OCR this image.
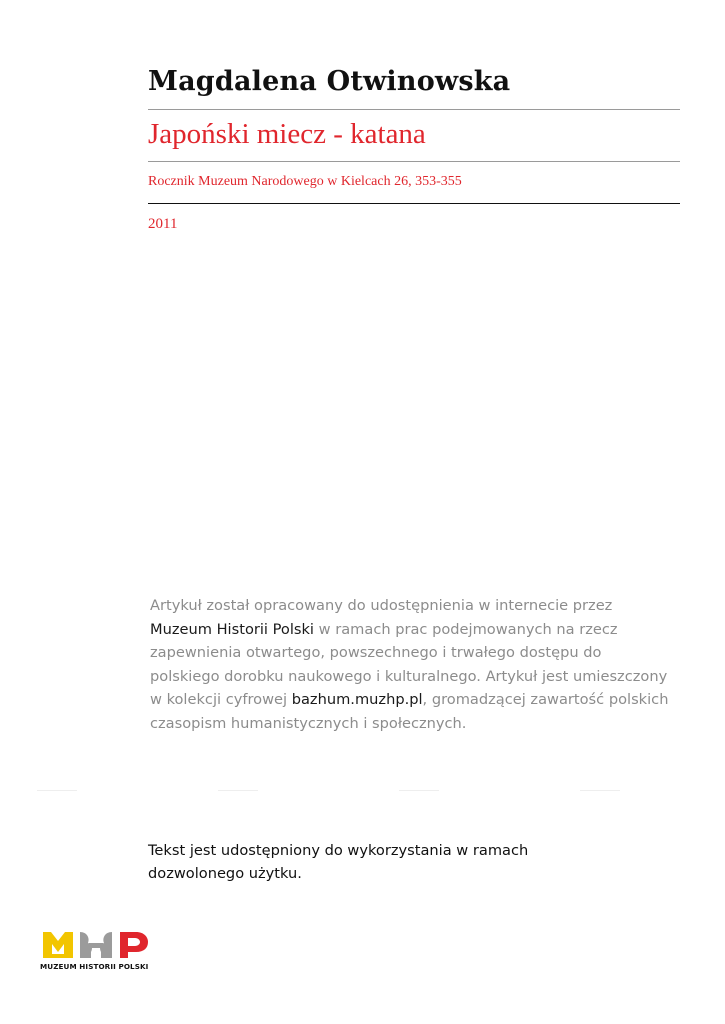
Magdalena Otwinowska
Japoński miecz - katana
Rocznik Muzeum Narodowego w Kielcach 26, 353-355
2011
Artykuł został opracowany do udostępnienia w internecie przez
Muzeum Historii Polski w ramach prac podejmowanych na rzecz
zapewnienia otwartego, powszechnego i trwałego dostępu do
polskiego dorobku naukowego i kulturalnego. Artykuł jest umieszczony
w kolekcji cyfrowej bazhum.muzhp.pl, gromadzącej zawartość polskich
czasopism humanistycznych i społecznych.
Tekst jest udostępniony do wykorzystania w ramach
dozwolonego użytku.
MUZEUM HISTORII POLSKI
